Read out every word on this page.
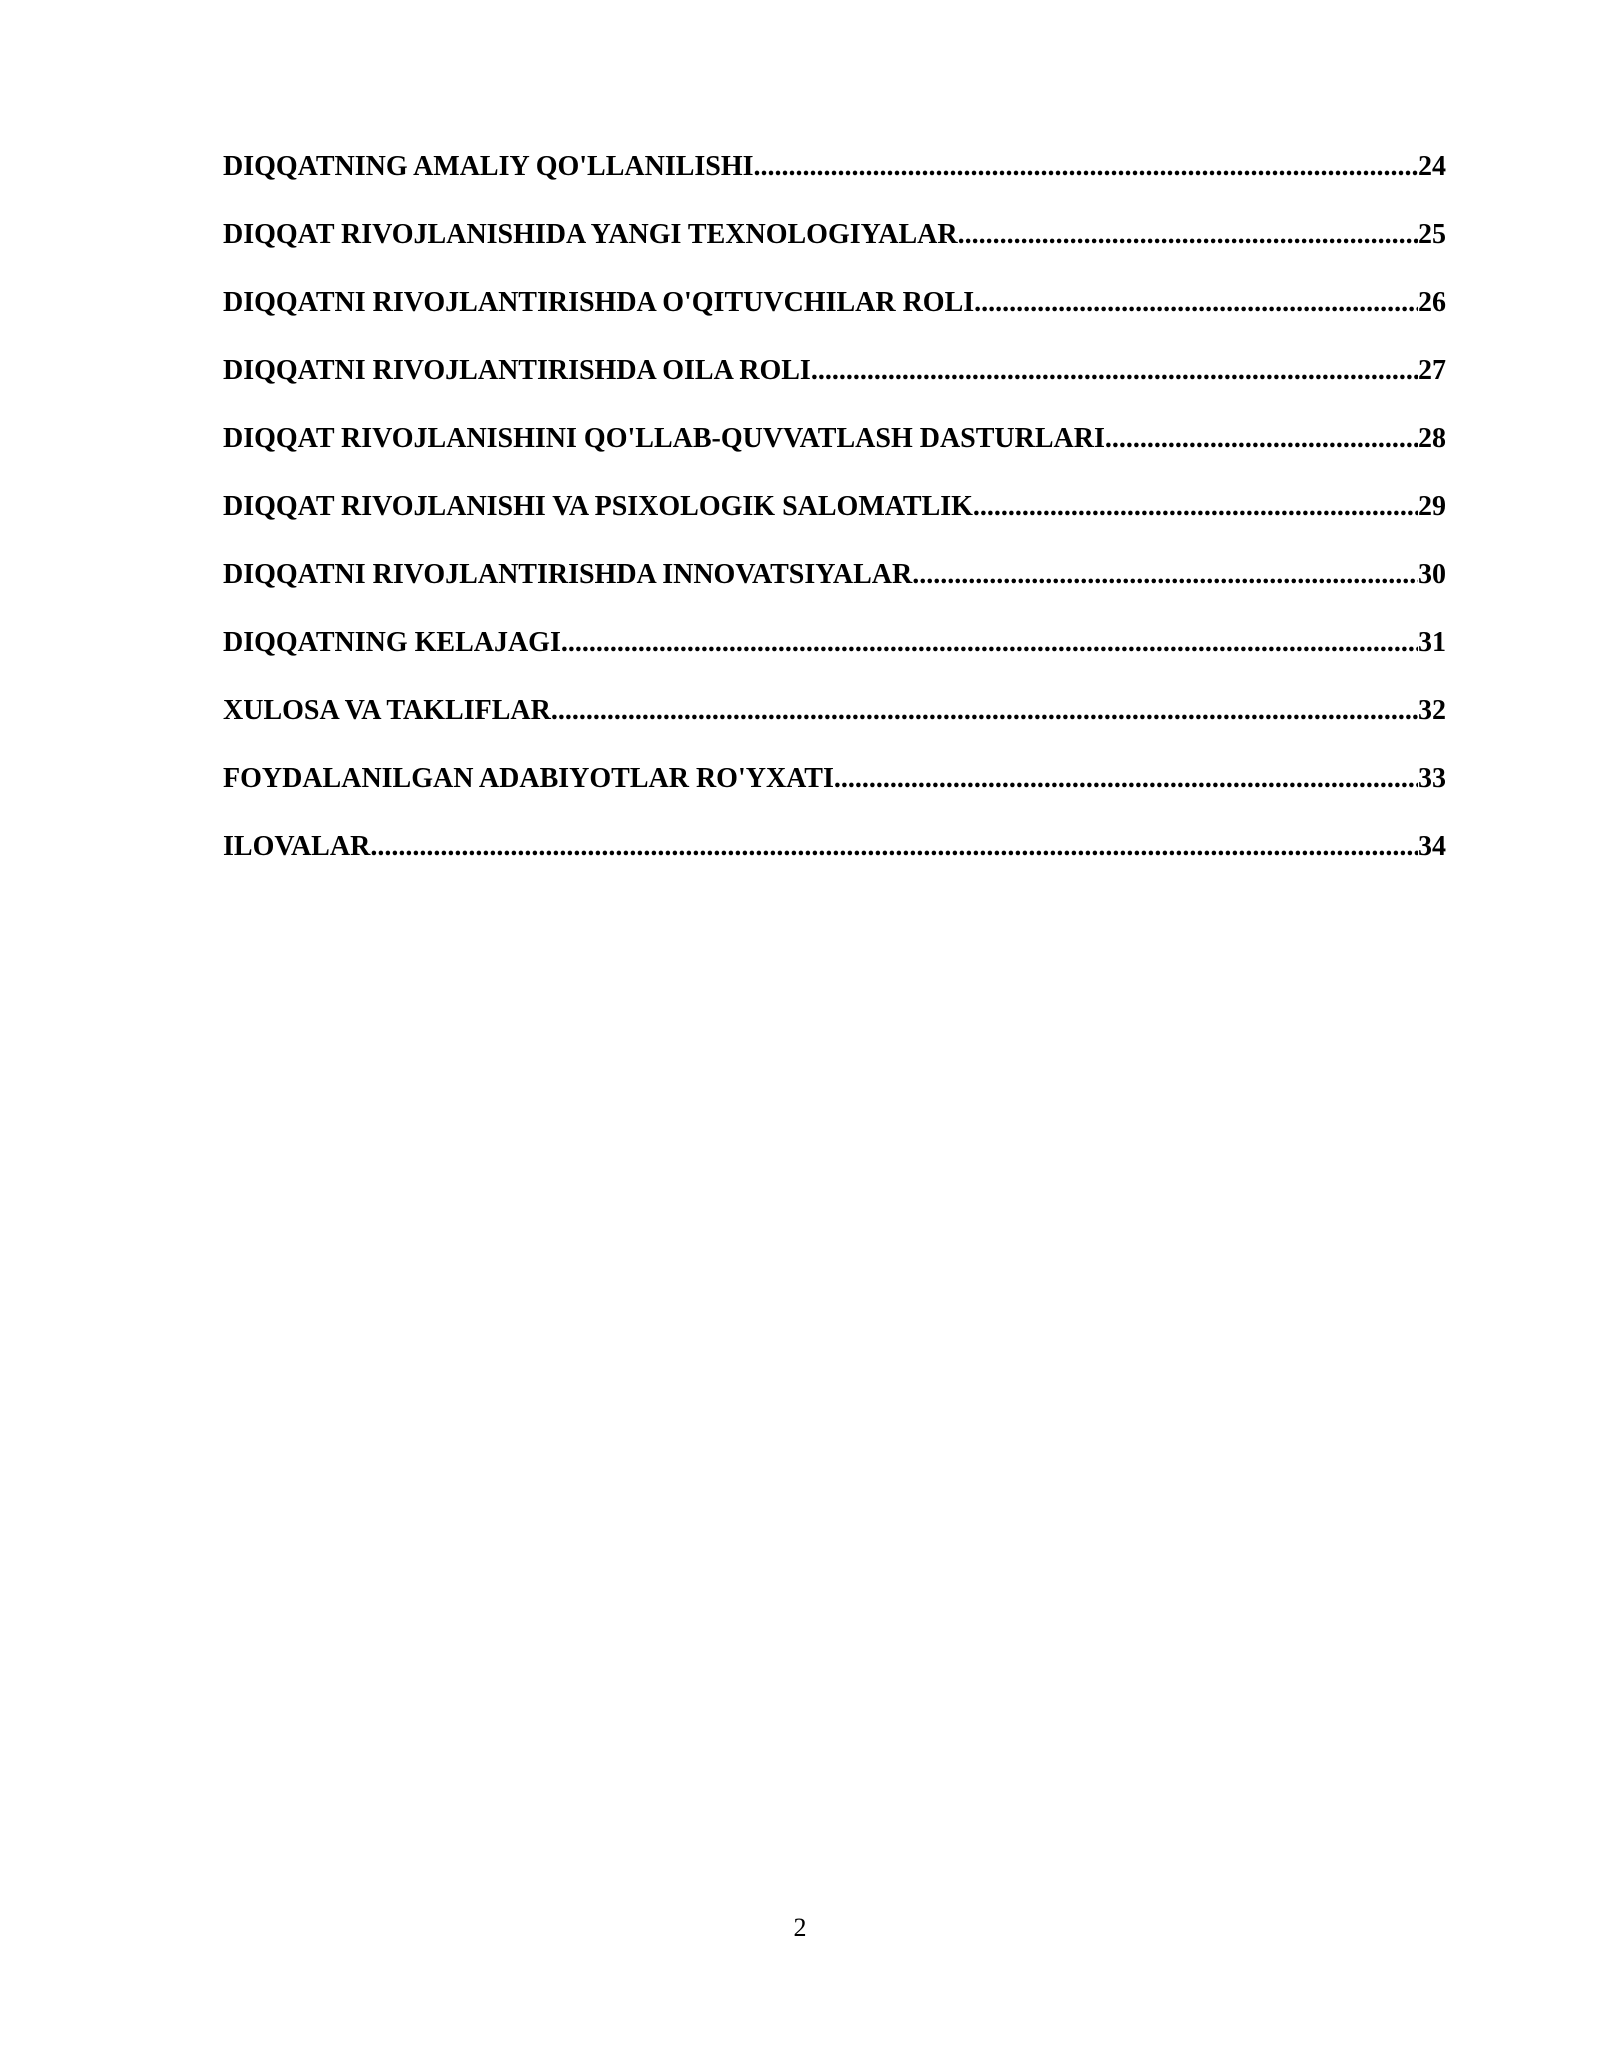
DIQQATNING AMALIY QO'LLANILISHI .....	24
DIQQAT RIVOJLANISHIDA YANGI TEXNOLOGIYALAR .....	25
DIQQATNI RIVOJLANTIRISHDA O'QITUVCHILAR ROLI .....	26
DIQQATNI RIVOJLANTIRISHDA OILA ROLI .....	27
DIQQAT RIVOJLANISHINI QO'LLAB-QUVVATLASH DASTURLARI .....	28
DIQQAT RIVOJLANISHI VA PSIXOLOGIK SALOMATLIK .....	29
DIQQATNI RIVOJLANTIRISHDA INNOVATSIYALAR .....	30
DIQQATNING KELAJAGI .....	31
XULOSA VA TAKLIFLAR .....	32
FOYDALANILGAN ADABIYOTLAR RO'YXATI .....	33
ILOVALAR .....	34
2
